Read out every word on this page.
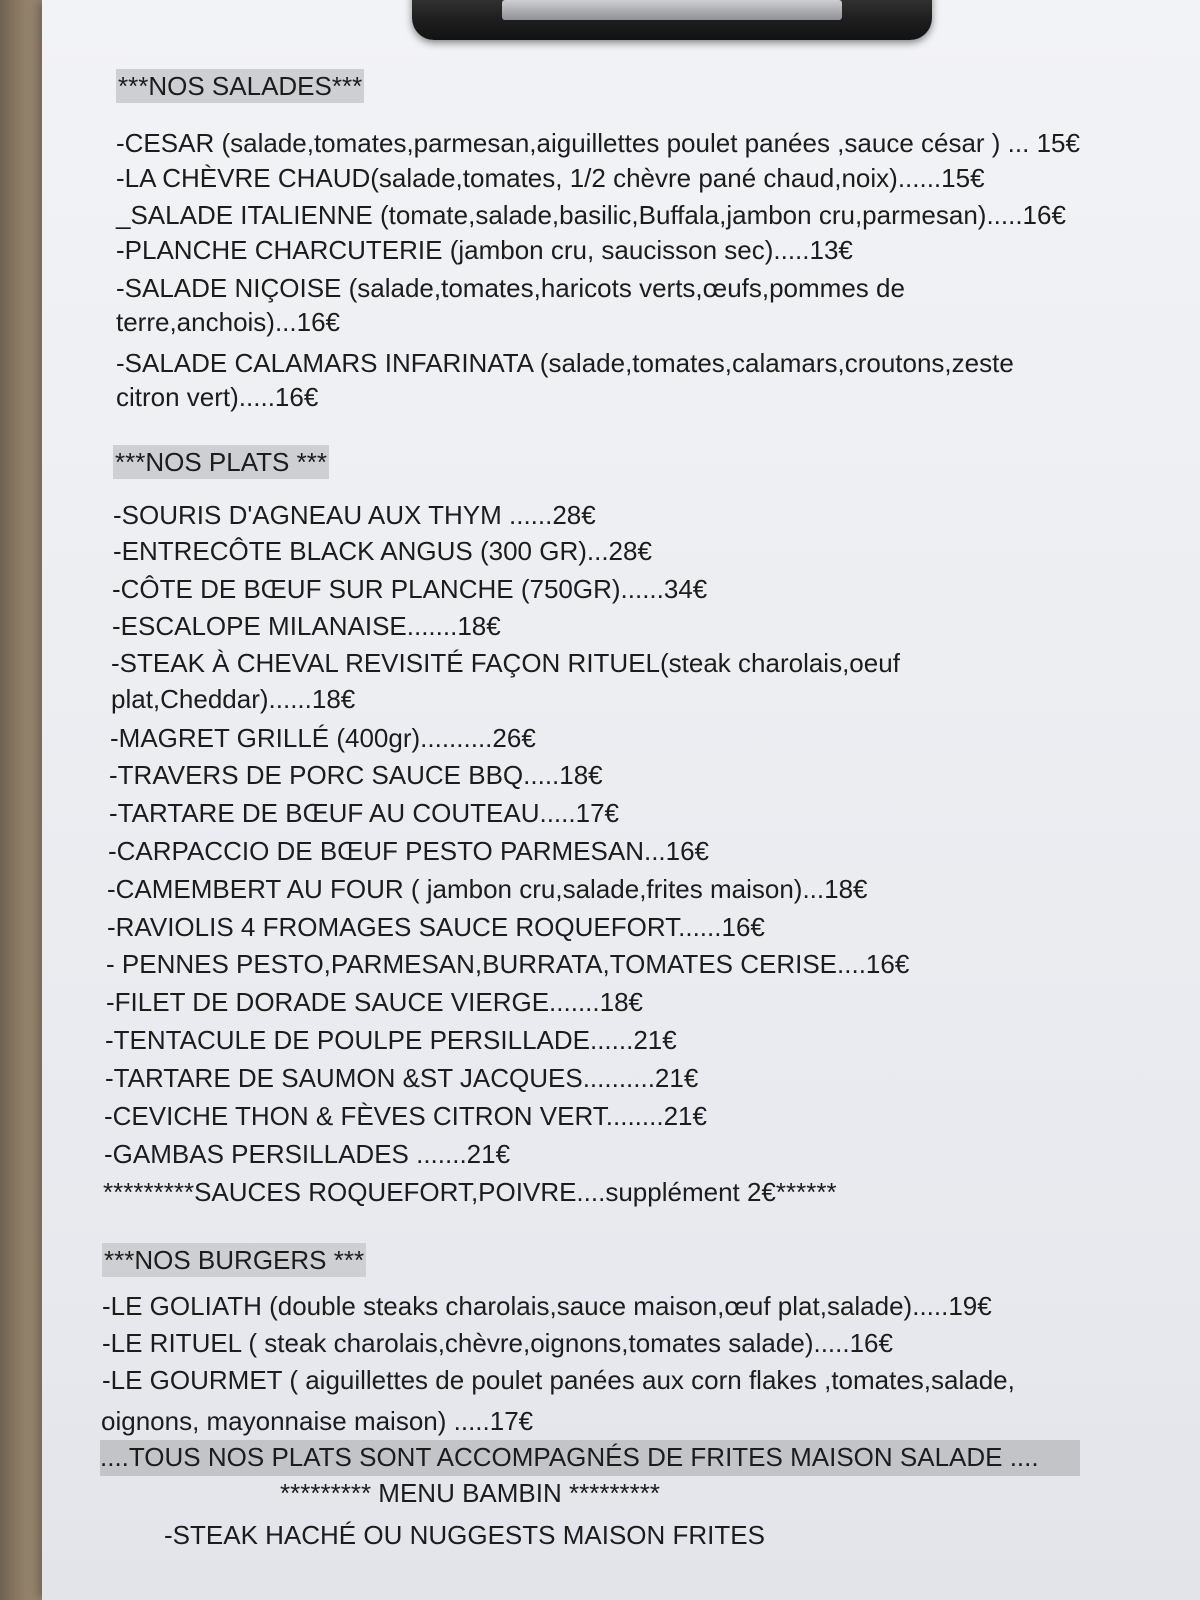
***NOS SALADES***
-CESAR (salade,tomates,parmesan,aiguillettes poulet panées ,sauce césar ) ... 15€
-LA CHÈVRE CHAUD(salade,tomates, 1/2 chèvre pané chaud,noix)......15€
_SALADE ITALIENNE (tomate,salade,basilic,Buffala,jambon cru,parmesan).....16€
-PLANCHE CHARCUTERIE (jambon cru, saucisson sec).....13€
-SALADE NIÇOISE (salade,tomates,haricots verts,œufs,pommes de
terre,anchois)...16€
-SALADE CALAMARS INFARINATA (salade,tomates,calamars,croutons,zeste
citron vert).....16€
***NOS PLATS ***
-SOURIS D'AGNEAU AUX THYM ......28€
-ENTRECÔTE BLACK ANGUS (300 GR)...28€
-CÔTE DE BŒUF SUR PLANCHE (750GR)......34€
-ESCALOPE MILANAISE.......18€
-STEAK À CHEVAL REVISITÉ FAÇON RITUEL(steak charolais,oeuf
plat,Cheddar)......18€
-MAGRET GRILLÉ (400gr)..........26€
-TRAVERS DE PORC SAUCE BBQ.....18€
-TARTARE DE BŒUF AU COUTEAU.....17€
-CARPACCIO DE BŒUF PESTO PARMESAN...16€
-CAMEMBERT AU FOUR ( jambon cru,salade,frites maison)...18€
-RAVIOLIS 4 FROMAGES SAUCE ROQUEFORT......16€
- PENNES PESTO,PARMESAN,BURRATA,TOMATES CERISE....16€
-FILET DE DORADE SAUCE VIERGE.......18€
-TENTACULE DE POULPE PERSILLADE......21€
-TARTARE DE SAUMON &ST JACQUES..........21€
-CEVICHE THON & FÈVES CITRON VERT........21€
-GAMBAS PERSILLADES .......21€
*********SAUCES ROQUEFORT,POIVRE....supplément 2€******
***NOS BURGERS ***
-LE GOLIATH (double steaks charolais,sauce maison,œuf plat,salade).....19€
-LE RITUEL ( steak charolais,chèvre,oignons,tomates salade).....16€
-LE GOURMET ( aiguillettes de poulet panées aux corn flakes ,tomates,salade,
oignons, mayonnaise maison) .....17€
....TOUS NOS PLATS SONT ACCOMPAGNÉS DE FRITES MAISON SALADE ....
********* MENU BAMBIN *********
-STEAK HACHÉ OU NUGGESTS MAISON FRITES
